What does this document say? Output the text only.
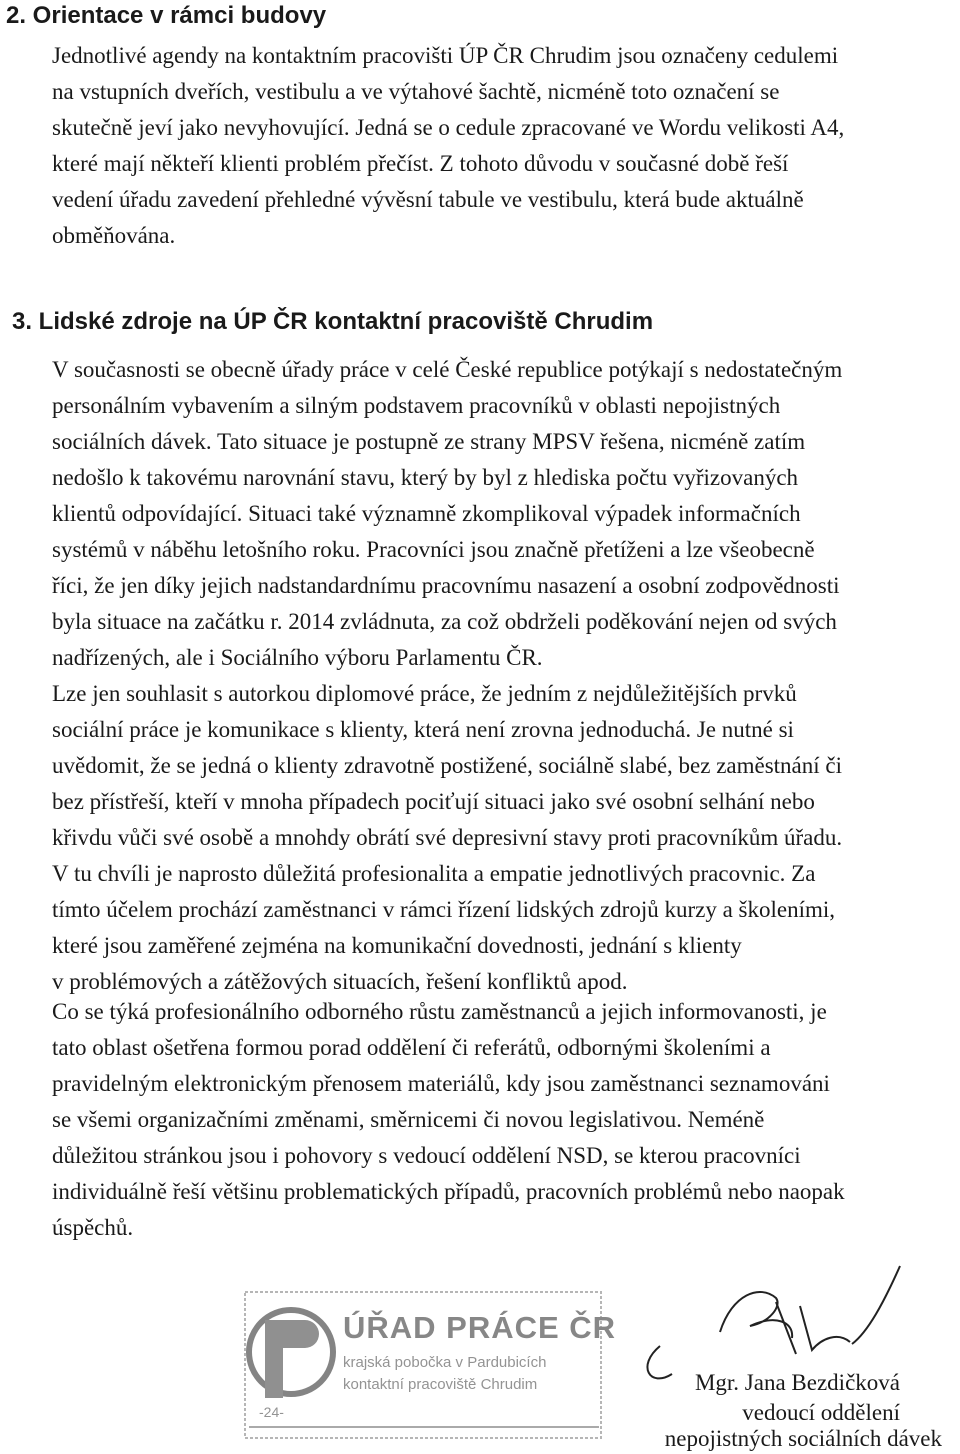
2. Orientace v rámci budovy
Jednotlivé agendy na kontaktním pracovišti ÚP ČR Chrudim jsou označeny cedulemi
na vstupních dveřích, vestibulu a ve výtahové šachtě, nicméně toto označení se
skutečně jeví jako nevyhovující. Jedná se o cedule zpracované ve Wordu velikosti A4,
které mají někteří klienti problém přečíst. Z tohoto důvodu v současné době řeší
vedení úřadu zavedení přehledné vývěsní tabule ve vestibulu, která bude aktuálně
obměňována.
3. Lidské zdroje na ÚP ČR kontaktní pracoviště Chrudim
V současnosti se obecně úřady práce v celé České republice potýkají s nedostatečným
personálním vybavením a silným podstavem pracovníků v oblasti nepojistných
sociálních dávek. Tato situace je postupně ze strany MPSV řešena, nicméně zatím
nedošlo k takovému narovnání stavu, který by byl z hlediska počtu vyřizovaných
klientů odpovídající. Situaci také významně zkomplikoval výpadek informačních
systémů v náběhu letošního roku. Pracovníci jsou značně přetíženi a lze všeobecně
říci, že jen díky jejich nadstandardnímu pracovnímu nasazení a osobní zodpovědnosti
byla situace na začátku r. 2014 zvládnuta, za což obdrželi poděkování nejen od svých
nadřízených, ale i Sociálního výboru Parlamentu ČR.
Lze jen souhlasit s autorkou diplomové práce, že jedním z nejdůležitějších prvků
sociální práce je komunikace s klienty, která není zrovna jednoduchá. Je nutné si
uvědomit, že se jedná o klienty zdravotně postižené, sociálně slabé, bez zaměstnání či
bez přístřeší, kteří v mnoha případech pociťují situaci jako své osobní selhání nebo
křivdu vůči své osobě a mnohdy obrátí své depresivní stavy proti pracovníkům úřadu.
V tu chvíli je naprosto důležitá profesionalita a empatie jednotlivých pracovnic. Za
tímto účelem prochází zaměstnanci v rámci řízení lidských zdrojů kurzy a školeními,
které jsou zaměřené zejména na komunikační dovednosti, jednání s klienty
v problémových a zátěžových situacích, řešení konfliktů apod.
Co se týká profesionálního odborného růstu zaměstnanců a jejich informovanosti, je
tato oblast ošetřena formou porad oddělení či referátů, odbornými školeními a
pravidelným elektronickým přenosem materiálů, kdy jsou zaměstnanci seznamováni
se všemi organizačními změnami, směrnicemi či novou legislativou. Neméně
důležitou stránkou jsou i pohovory s vedoucí oddělení NSD, se kterou pracovníci
individuálně řeší většinu problematických případů, pracovních problémů nebo naopak
úspěchů.
ÚŘAD PRÁCE ČR
krajská pobočka v Pardubicích
kontaktní pracoviště Chrudim
-24-
Mgr. Jana Bezdičková
vedoucí oddělení
nepojistných sociálních dávek
